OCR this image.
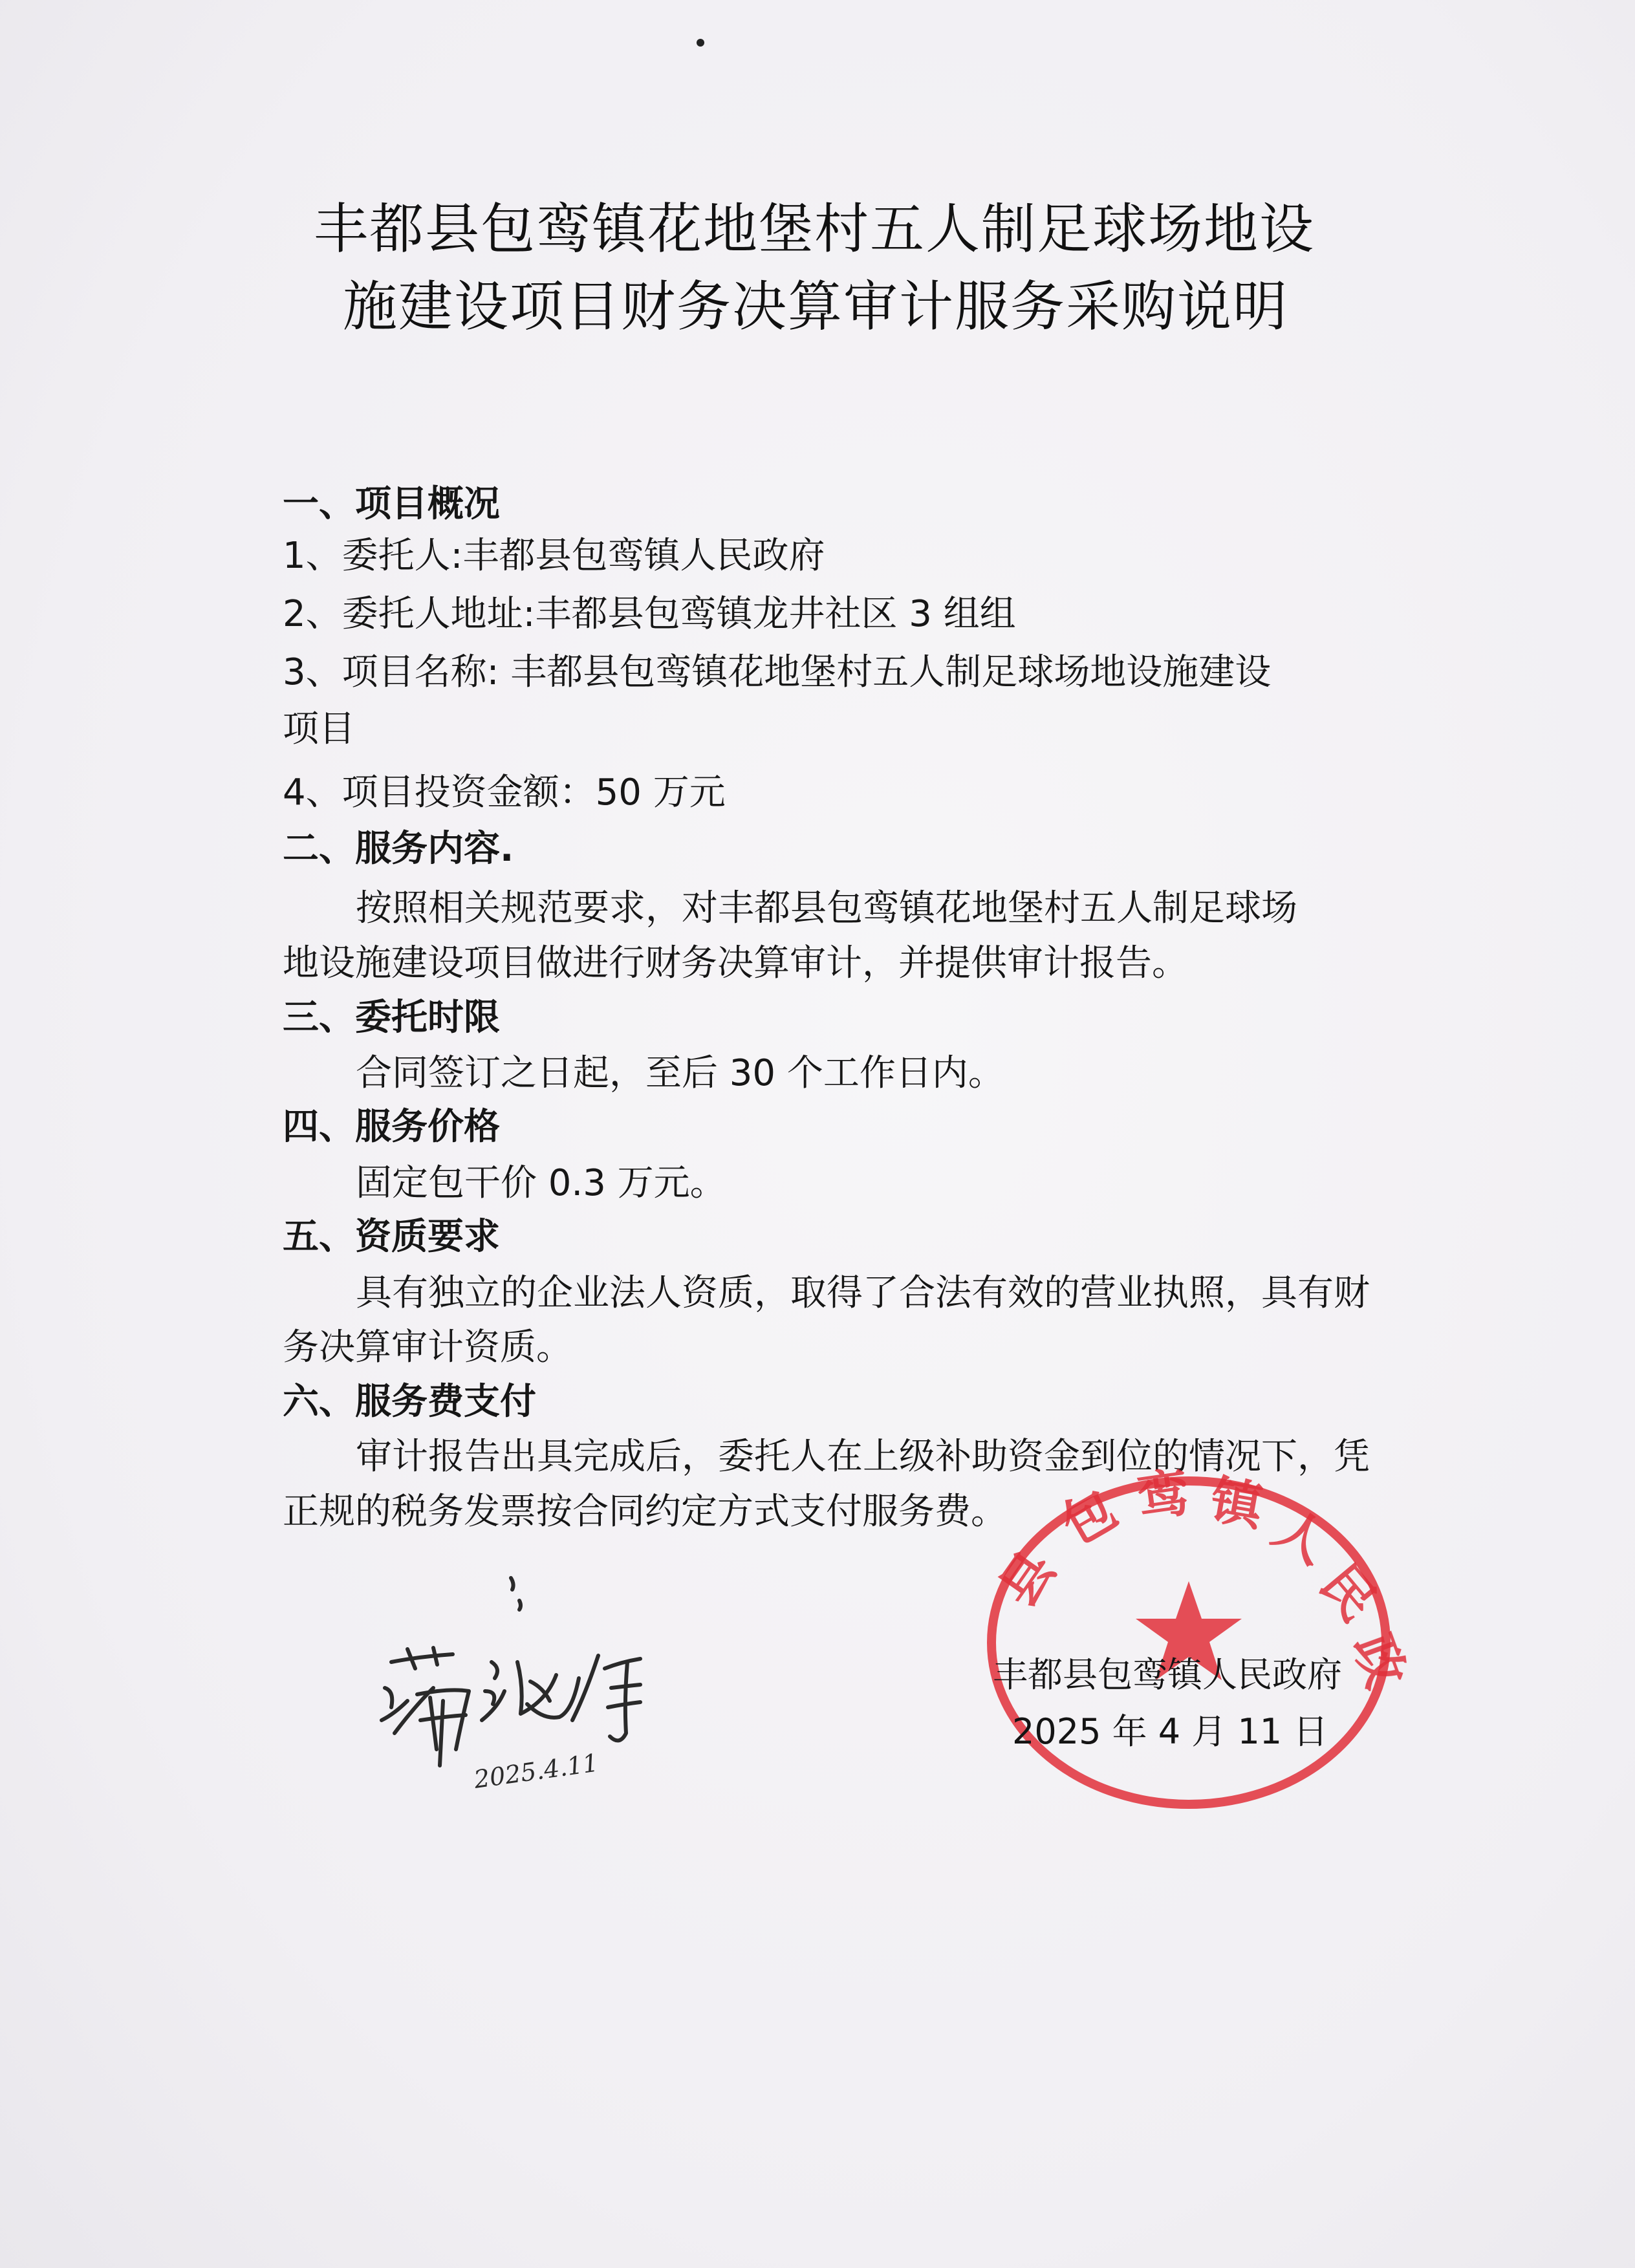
丰都县包鸾镇花地堡村五人制足球场地设
施建设项目财务决算审计服务采购说明
一、项目概况
1、委托人:丰都县包鸾镇人民政府
2、委托人地址:丰都县包鸾镇龙井社区 3 组组
3、项目名称: 丰都县包鸾镇花地堡村五人制足球场地设施建设
项目
4、项目投资金额：50 万元
二、服务内容.
按照相关规范要求，对丰都县包鸾镇花地堡村五人制足球场
地设施建设项目做进行财务决算审计，并提供审计报告。
三、委托时限
合同签订之日起，至后 30 个工作日内。
四、服务价格
固定包干价 0.3 万元。
五、资质要求
具有独立的企业法人资质，取得了合法有效的营业执照，具有财
务决算审计资质。
六、服务费支付
审计报告出具完成后，委托人在上级补助资金到位的情况下，凭
正规的税务发票按合同约定方式支付服务费。
县
包 鸾 镇
人
民
政
丰都县包鸾镇人民政府
2025 年 4 月 11 日
2025.4.11
